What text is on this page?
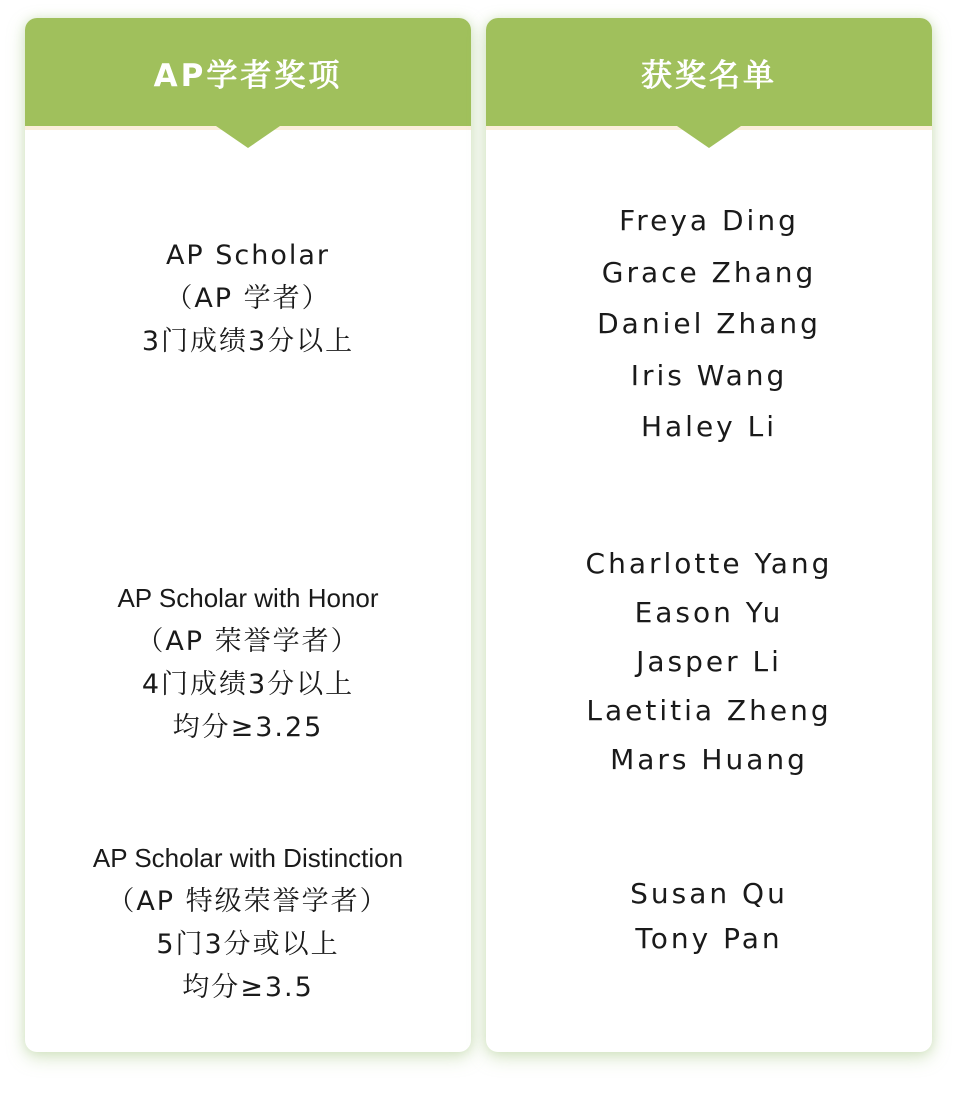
AP学者奖项
AP Scholar
（AP 学者）
3门成绩3分以上
AP Scholar with Honor
（AP 荣誉学者）
4门成绩3分以上
均分≥3.25
AP Scholar with Distinction
（AP 特级荣誉学者）
5门3分或以上
均分≥3.5
获奖名单
Freya Ding
Grace Zhang
Daniel Zhang
Iris Wang
Haley Li
Charlotte Yang
Eason Yu
Jasper Li
Laetitia Zheng
Mars Huang
Susan Qu
Tony Pan
